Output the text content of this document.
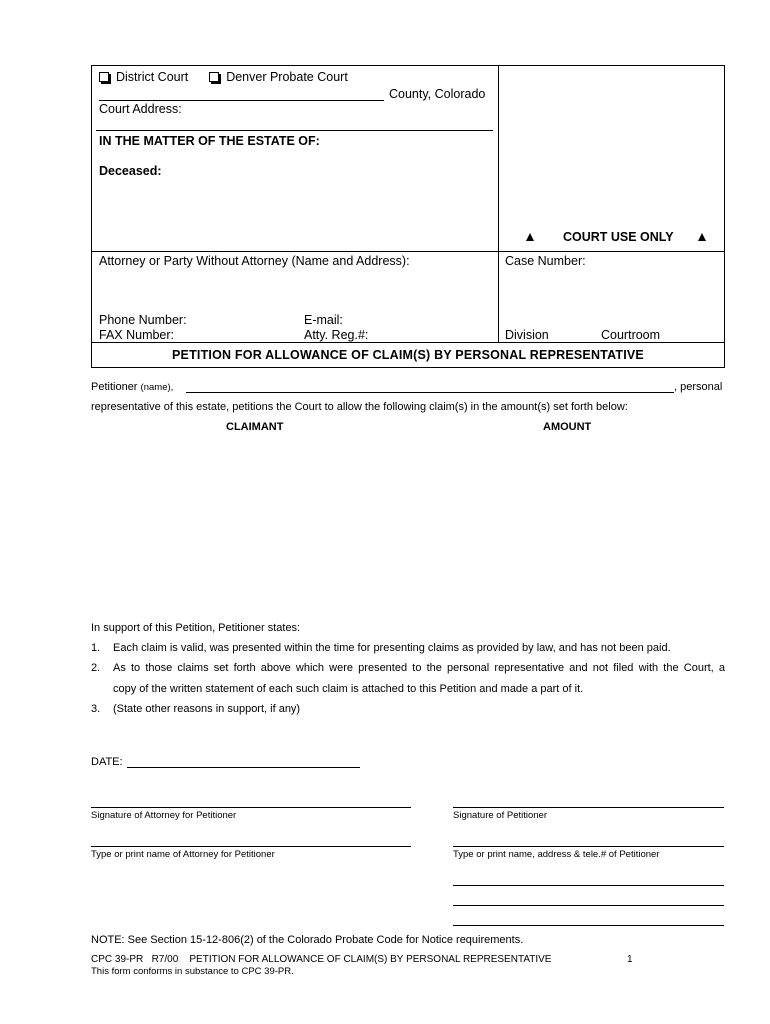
District Court	Denver Probate Court
County, Colorado
Court Address:
IN THE MATTER OF THE ESTATE OF:
Deceased:
COURT USE ONLY
Attorney or Party Without Attorney (Name and Address):	Case Number:
Phone Number:	E-mail:
FAX Number:	Atty. Reg.#:	Division	Courtroom
PETITION FOR ALLOWANCE OF CLAIM(S) BY PERSONAL REPRESENTATIVE
Petitioner (name),	, personal
representative of this estate, petitions the Court to allow the following claim(s) in the amount(s) set forth below:
CLAIMANT	AMOUNT
In support of this Petition, Petitioner states:
1. Each claim is valid, was presented within the time for presenting claims as provided by law, and has not been paid.
2. As to those claims set forth above which were presented to the personal representative and not filed with the Court, a
copy of the written statement of each such claim is attached to this Petition and made a part of it.
3. (State other reasons in support, if any)
DATE:
Signature of Attorney for Petitioner	Signature of Petitioner
Type or print name of Attorney for Petitioner	Type or print name, address & tele.# of Petitioner
NOTE: See Section 15-12-806(2) of the Colorado Probate Code for Notice requirements.
CPC 39-PR   R7/00    PETITION FOR ALLOWANCE OF CLAIM(S) BY PERSONAL REPRESENTATIVE	1
This form conforms in substance to CPC 39-PR.
